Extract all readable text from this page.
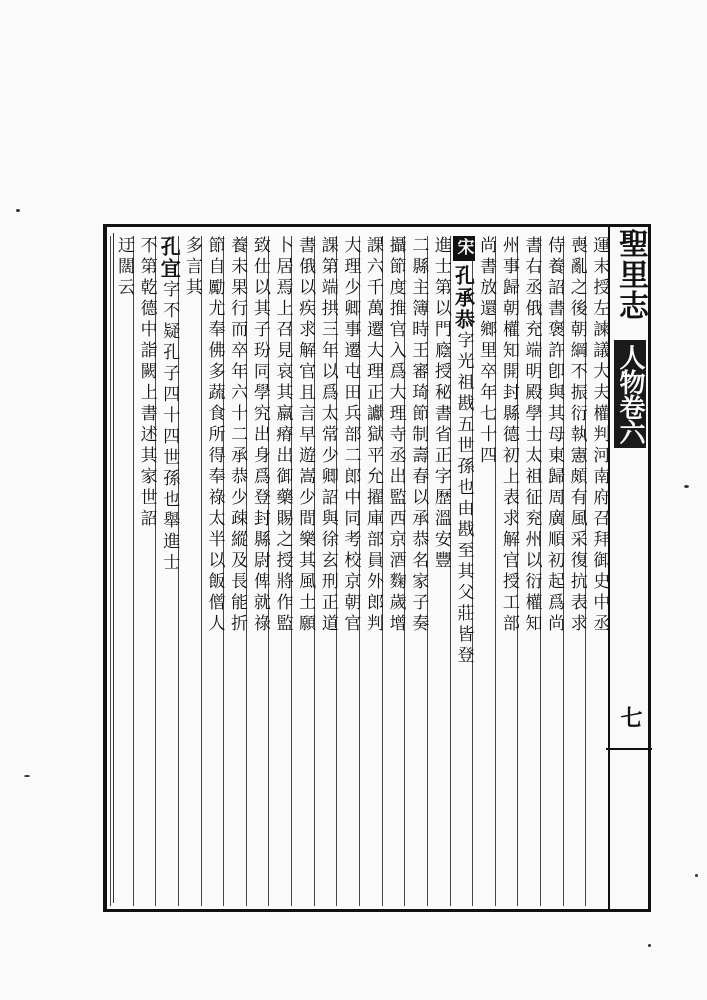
聖里志
人物卷六
七
運末授左諫議大夫權判河南府召拜御史中丞
喪亂之後朝綱不振衍執憲頗有風采復抗表求
侍養詔書褒許卽與其母東歸周廣順初起爲尚
書右丞俄充端明殿學士太祖征兖州以衍權知
州事歸朝權知開封縣德初上表求解官授工部
尚書放還鄉里卒年七十四
宋孔承恭字光祖戡五世孫也由戡至其父莊皆登
進士第以門廕授秘書省正字歷溫安豐
二縣主簿時王審琦節制壽春以承恭名家子奏
攝節度推官入爲大理寺丞出監西京酒麴歲增
課六千萬遷大理正讞獄平允擢庫部員外郎判
大理少卿事遷屯田兵部二郎中同考校京朝官
課第端拱三年以爲太常少卿詔與徐玄刑正道
書俄以疾求解官且言早遊嵩少間樂其風土願
卜居焉上召見哀其羸瘠出御藥賜之授將作監
致仕以其子玢同學究出身爲登封縣尉俾就祿
養未果行而卒年六十二承恭少疎縱及長能折
節自勵尤奉佛多蔬食所得奉祿太半以飯僧人
多言其
孔宜字不疑孔子四十四世孫也舉進士
不第乾德中詣闕上書述其家世詔
迂闊云
